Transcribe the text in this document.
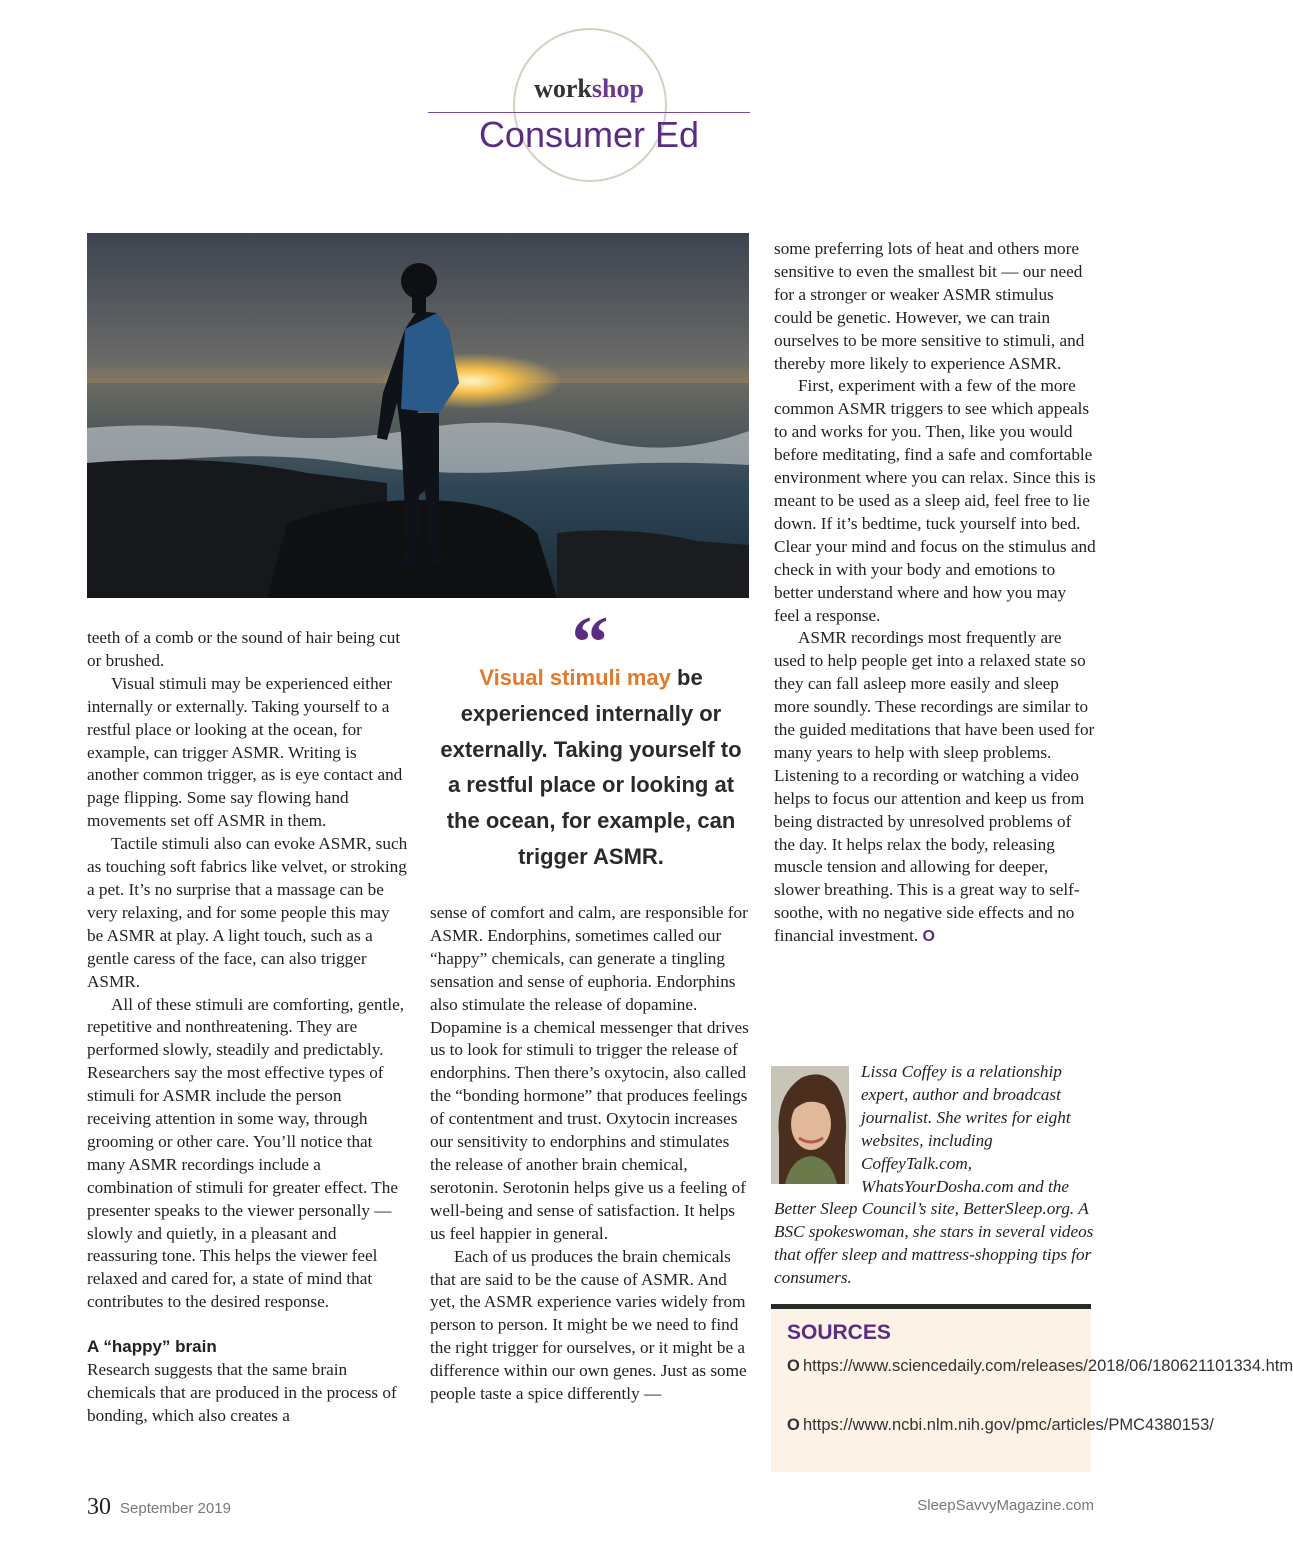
workshop
Consumer Ed

teeth of a comb or the sound of hair being cut or brushed.

Visual stimuli may be experienced either internally or externally. Taking yourself to a restful place or looking at the ocean, for example, can trigger ASMR. Writing is another common trigger, as is eye contact and page flipping. Some say flowing hand movements set off ASMR in them.

Tactile stimuli also can evoke ASMR, such as touching soft fabrics like velvet, or stroking a pet. It’s no surprise that a massage can be very relaxing, and for some people this may be ASMR at play. A light touch, such as a gentle caress of the face, can also trigger ASMR.

All of these stimuli are comforting, gentle, repetitive and nonthreatening. They are performed slowly, steadily and predictably. Researchers say the most effective types of stimuli for ASMR include the person receiving attention in some way, through grooming or other care. You’ll notice that many ASMR recordings include a combination of stimuli for greater effect. The presenter speaks to the viewer personally — slowly and quietly, in a pleasant and reassuring tone. This helps the viewer feel relaxed and cared for, a state of mind that contributes to the desired response.

A “happy” brain

Research suggests that the same brain chemicals that are produced in the process of bonding, which also creates a

“
Visual stimuli may be experienced internally or externally. Taking yourself to a restful place or looking at the ocean, for example, can trigger ASMR.

sense of comfort and calm, are responsible for ASMR. Endorphins, sometimes called our “happy” chemicals, can generate a tingling sensation and sense of euphoria. Endorphins also stimulate the release of dopamine. Dopamine is a chemical messenger that drives us to look for stimuli to trigger the release of endorphins. Then there’s oxytocin, also called the “bonding hormone” that produces feelings of contentment and trust. Oxytocin increases our sensitivity to endorphins and stimulates the release of another brain chemical, serotonin. Serotonin helps give us a feeling of well-being and sense of satisfaction. It helps us feel happier in general.

Each of us produces the brain chemicals that are said to be the cause of ASMR. And yet, the ASMR experience varies widely from person to person. It might be we need to find the right trigger for ourselves, or it might be a difference within our own genes. Just as some people taste a spice differently —

some preferring lots of heat and others more sensitive to even the smallest bit — our need for a stronger or weaker ASMR stimulus could be genetic. However, we can train ourselves to be more sensitive to stimuli, and thereby more likely to experience ASMR.

First, experiment with a few of the more common ASMR triggers to see which appeals to and works for you. Then, like you would before meditating, find a safe and comfortable environment where you can relax. Since this is meant to be used as a sleep aid, feel free to lie down. If it’s bedtime, tuck yourself into bed. Clear your mind and focus on the stimulus and check in with your body and emotions to better understand where and how you may feel a response.

ASMR recordings most frequently are used to help people get into a relaxed state so they can fall asleep more easily and sleep more soundly. These recordings are similar to the guided meditations that have been used for many years to help with sleep problems. Listening to a recording or watching a video helps to focus our attention and keep us from being distracted by unresolved problems of the day. It helps relax the body, releasing muscle tension and allowing for deeper, slower breathing. This is a great way to self-soothe, with no negative side effects and no financial investment. O

Lissa Coffey is a relationship expert, author and broadcast journalist. She writes for eight websites, including CoffeyTalk.com, WhatsYourDosha.com and the Better Sleep Council’s site, BetterSleep.org. A BSC spokeswoman, she stars in several videos that offer sleep and mattress-shopping tips for consumers.
SOURCES
O https://www.sciencedaily.com/releases/2018/06/180621101334.htm
O https://www.ncbi.nlm.nih.gov/pmc/articles/PMC4380153/
30 September 2019	SleepSavvyMagazine.com
